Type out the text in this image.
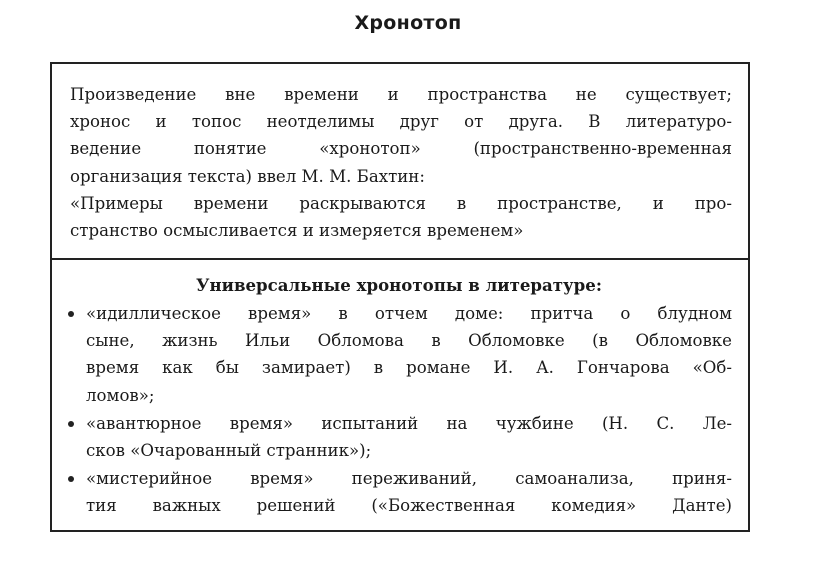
Хронотоп
Произведение вне времени и пространства не существует;
хронос и топос неотделимы друг от друга. В литературо-
ведение понятие «хронотоп» (пространственно-временная
организация текста) ввел М. М. Бахтин:
«Примеры времени раскрываются в пространстве, и про-
странство осмысливается и измеряется временем»
Универсальные хронотопы в литературе:
«идиллическое время» в отчем доме: притча о блудном
сыне, жизнь Ильи Обломова в Обломовке (в Обломовке
время как бы замирает) в романе И. А. Гончарова «Об-
ломов»;
«авантюрное время» испытаний на чужбине (Н. С. Ле-
сков «Очарованный странник»);
«мистерийное время» переживаний, самоанализа, приня-
тия важных решений («Божественная комедия» Данте)
